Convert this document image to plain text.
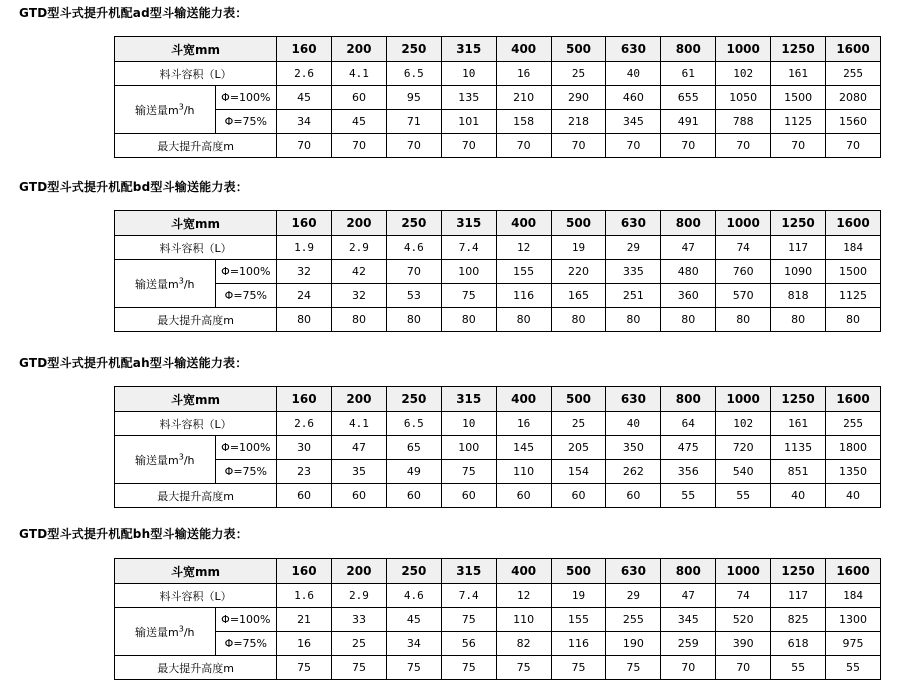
GTD型斗式提升机配ad型斗输送能力表：
斗宽mm		160	200	250	315	400	500	630	800	1000	1250	1600
料斗容积（L）		2.6	4.1	6.5	10	16	25	40	61	102	161	255
输送量$m^3/h$	Φ=100%	45	60	95	135	210	290	460	655	1050	1500	2080
	Φ=75%	34	45	71	101	158	218	345	491	788	1125	1560
最大提升高度m		70	70	70	70	70	70	70	70	70	70	70
GTD型斗式提升机配bd型斗输送能力表：
斗宽mm		160	200	250	315	400	500	630	800	1000	1250	1600
料斗容积（L）		1.9	2.9	4.6	7.4	12	19	29	47	74	117	184
输送量$m^3/h$	Φ=100%	32	42	70	100	155	220	335	480	760	1090	1500
	Φ=75%	24	32	53	75	116	165	251	360	570	818	1125
最大提升高度m		80	80	80	80	80	80	80	80	80	80	80
GTD型斗式提升机配ah型斗输送能力表：
斗宽mm		160	200	250	315	400	500	630	800	1000	1250	1600
料斗容积（L）		2.6	4.1	6.5	10	16	25	40	64	102	161	255
输送量$m^3/h$	Φ=100%	30	47	65	100	145	205	350	475	720	1135	1800
	Φ=75%	23	35	49	75	110	154	262	356	540	851	1350
最大提升高度m		60	60	60	60	60	60	60	55	55	40	40
GTD型斗式提升机配bh型斗输送能力表：
斗宽mm		160	200	250	315	400	500	630	800	1000	1250	1600
料斗容积（L）		1.6	2.9	4.6	7.4	12	19	29	47	74	117	184
输送量$m^3/h$	Φ=100%	21	33	45	75	110	155	255	345	520	825	1300
	Φ=75%	16	25	34	56	82	116	190	259	390	618	975
最大提升高度m		75	75	75	75	75	75	75	70	70	55	55
